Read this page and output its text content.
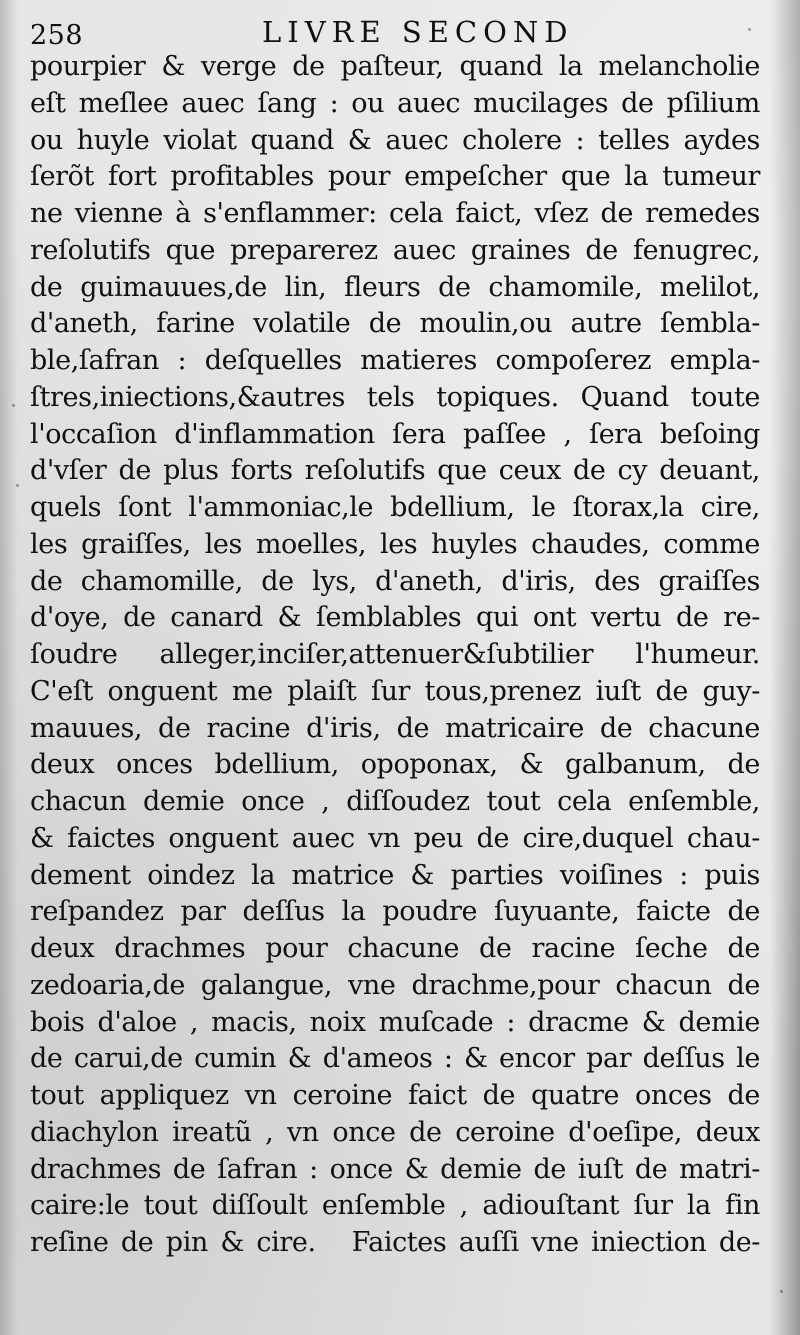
258	LIVRE SECOND
pourpier & verge de paſteur, quand la melancholie
eſt meſlee auec ſang : ou auec mucilages de pſilium
ou huyle violat quand & auec cholere : telles aydes
ſerõt fort profitables pour empeſcher que la tumeur
ne vienne à s'enflammer: cela faict, vſez de remedes
reſolutifs que preparerez auec graines de fenugrec,
de guimauues,de lin, fleurs de chamomile, melilot,
d'aneth, farine volatile de moulin,ou autre ſembla-
ble,ſafran : deſquelles matieres compoſerez empla-
ſtres,iniections,&autres tels topiques. Quand toute
l'occaſion d'inflammation ſera paſſee , ſera beſoing
d'vſer de plus forts reſolutifs que ceux de cy deuant,
quels ſont l'ammoniac,le bdellium, le ſtorax,la cire,
les graiſſes, les moelles, les huyles chaudes, comme
de chamomille, de lys, d'aneth, d'iris, des graiſſes
d'oye, de canard & ſemblables qui ont vertu de re-
ſoudre alleger,inciſer,attenuer&ſubtilier l'humeur.
C'eſt onguent me plaiſt ſur tous,prenez iuſt de guy-
mauues, de racine d'iris, de matricaire de chacune
deux onces bdellium, opoponax, & galbanum, de
chacun demie once , diſſoudez tout cela enſemble,
& faictes onguent auec vn peu de cire,duquel chau-
dement oindez la matrice & parties voiſines : puis
reſpandez par deſſus la poudre ſuyuante, faicte de
deux drachmes pour chacune de racine ſeche de
zedoaria,de galangue, vne drachme,pour chacun de
bois d'aloe , macis, noix muſcade : dracme & demie
de carui,de cumin & d'ameos : & encor par deſſus le
tout appliquez vn ceroine faict de quatre onces de
diachylon ireatũ , vn once de ceroine d'oeſipe, deux
drachmes de ſafran : once & demie de iuſt de matri-
caire:le tout diſſoult enſemble , adiouſtant ſur la fin
reſine de pin & cire. Faictes auſſi vne iniection de-
